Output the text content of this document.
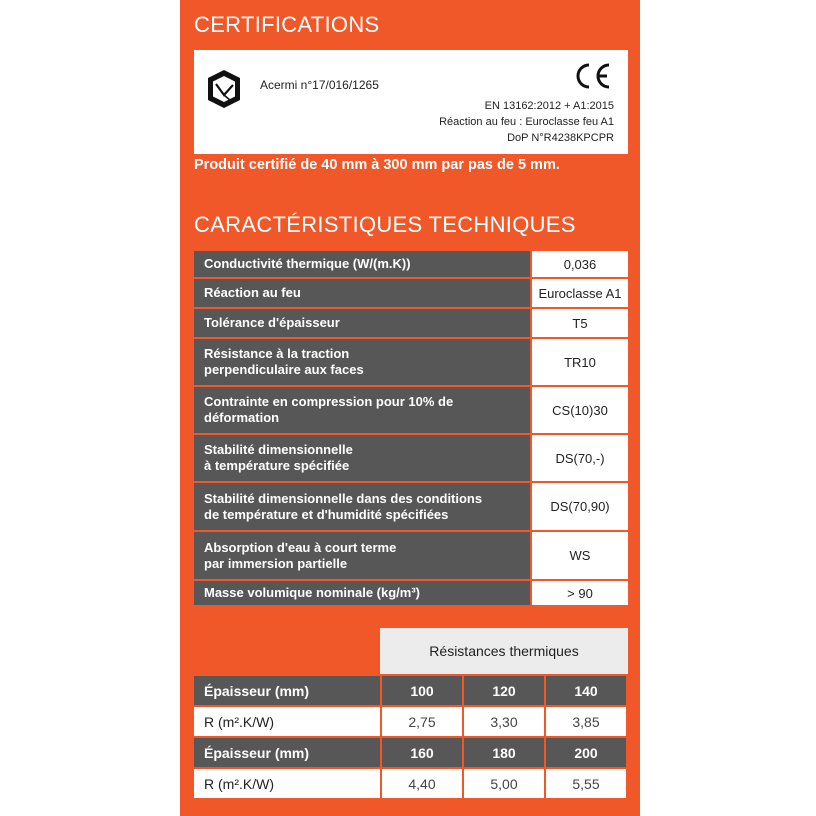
CERTIFICATIONS
Acermi n°17/016/1265
EN 13162:2012 + A1:2015
Réaction au feu : Euroclasse feu A1
DoP N°R4238KPCPR
Produit certifié de 40 mm à 300 mm par pas de 5 mm.
CARACTÉRISTIQUES TECHNIQUES
Conductivité thermique (W/(m.K))	0,036
Réaction au feu	Euroclasse A1
Tolérance d'épaisseur	T5
Résistance à la traction
perpendiculaire aux faces	TR10
Contrainte en compression pour 10% de
déformation	CS(10)30
Stabilité dimensionnelle
à température spécifiée	DS(70,-)
Stabilité dimensionnelle dans des conditions
de température et d'humidité spécifiées	DS(70,90)
Absorption d'eau à court terme
par immersion partielle	WS
Masse volumique nominale (kg/m³)	> 90
Résistances thermiques
Épaisseur (mm)	100	120	140
R (m².K/W)	2,75	3,30	3,85
Épaisseur (mm)	160	180	200
R (m².K/W)	4,40	5,00	5,55
